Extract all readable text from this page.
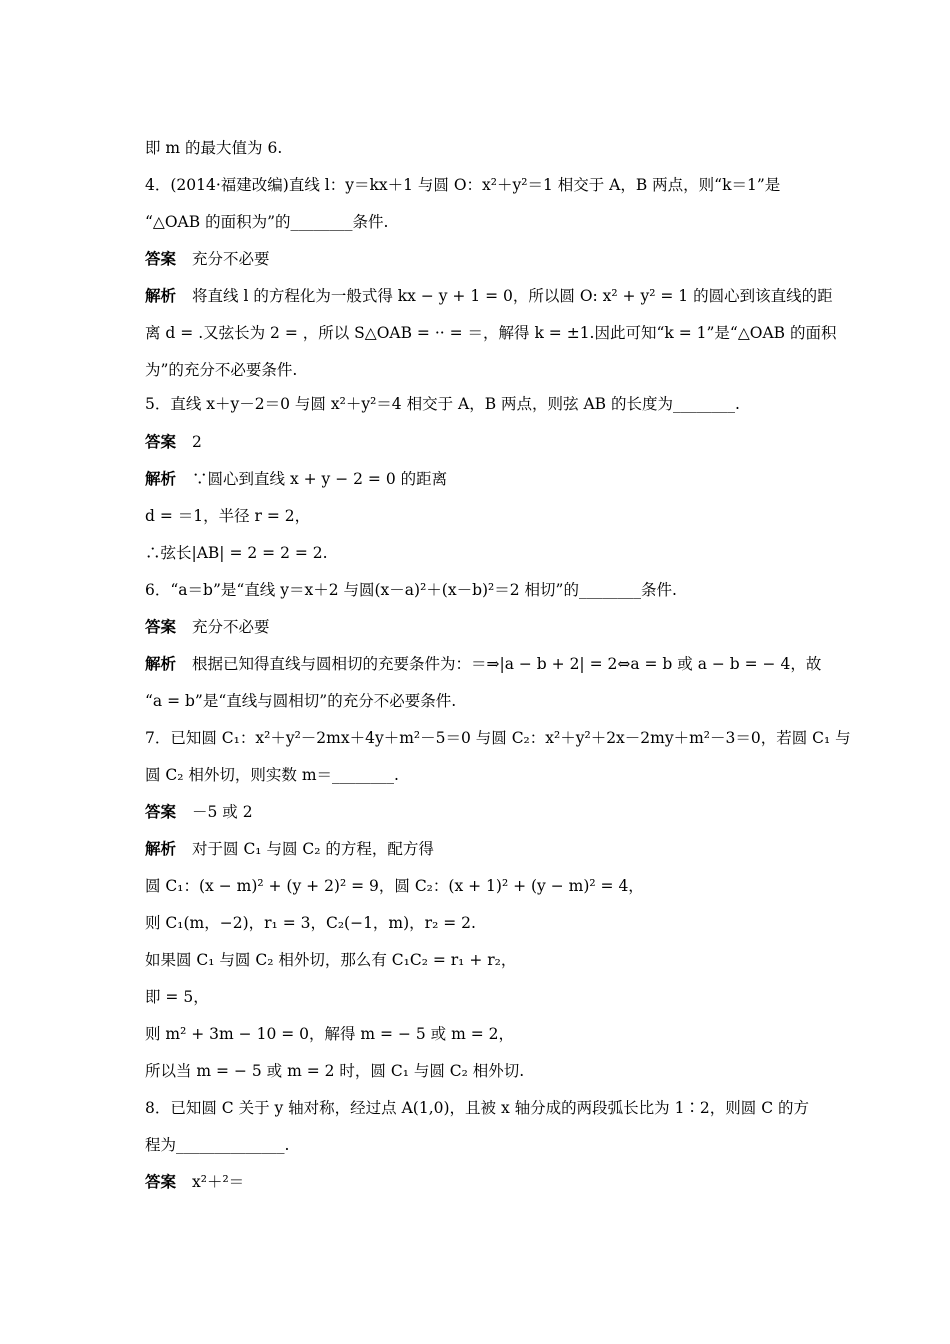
即 m 的最大值为 6.
4．(2014·福建改编)直线 l：y＝kx＋1 与圆 O：x²＋y²＝1 相交于 A，B 两点，则“k＝1”是
“△OAB 的面积为”的________条件.
答案 充分不必要
解析 将直线 l 的方程化为一般式得 kx − y + 1 = 0，所以圆 O: x² + y² = 1 的圆心到该直线的距
离 d = .又弦长为 2 = ，所以 S△OAB = ·· = ＝，解得 k = ±1.因此可知“k = 1”是“△OAB 的面积
为”的充分不必要条件.
5．直线 x＋y－2＝0 与圆 x²＋y²＝4 相交于 A，B 两点，则弦 AB 的长度为________.
答案 2
解析 ∵圆心到直线 x + y − 2 = 0 的距离
d = ＝1，半径 r = 2，
∴弦长|AB| = 2 = 2 = 2.
6．“a＝b”是“直线 y＝x＋2 与圆(x－a)²＋(x－b)²＝2 相切”的________条件.
答案 充分不必要
解析 根据已知得直线与圆相切的充要条件为：＝⇒|a − b + 2| = 2⇔a = b 或 a − b = − 4，故
“a = b”是“直线与圆相切”的充分不必要条件.
7．已知圆 C₁：x²＋y²－2mx＋4y＋m²－5＝0 与圆 C₂：x²＋y²＋2x－2my＋m²－3＝0，若圆 C₁ 与
圆 C₂ 相外切，则实数 m＝________.
答案 －5 或 2
解析 对于圆 C₁ 与圆 C₂ 的方程，配方得
圆 C₁：(x − m)² + (y + 2)² = 9，圆 C₂：(x + 1)² + (y − m)² = 4，
则 C₁(m，−2)，r₁ = 3，C₂(−1，m)，r₂ = 2.
如果圆 C₁ 与圆 C₂ 相外切，那么有 C₁C₂ = r₁ + r₂，
即 = 5，
则 m² + 3m − 10 = 0，解得 m = − 5 或 m = 2，
所以当 m = − 5 或 m = 2 时，圆 C₁ 与圆 C₂ 相外切.
8．已知圆 C 关于 y 轴对称，经过点 A(1,0)，且被 x 轴分成的两段弧长比为 1∶2，则圆 C 的方
程为______________.
答案 x²＋²＝
